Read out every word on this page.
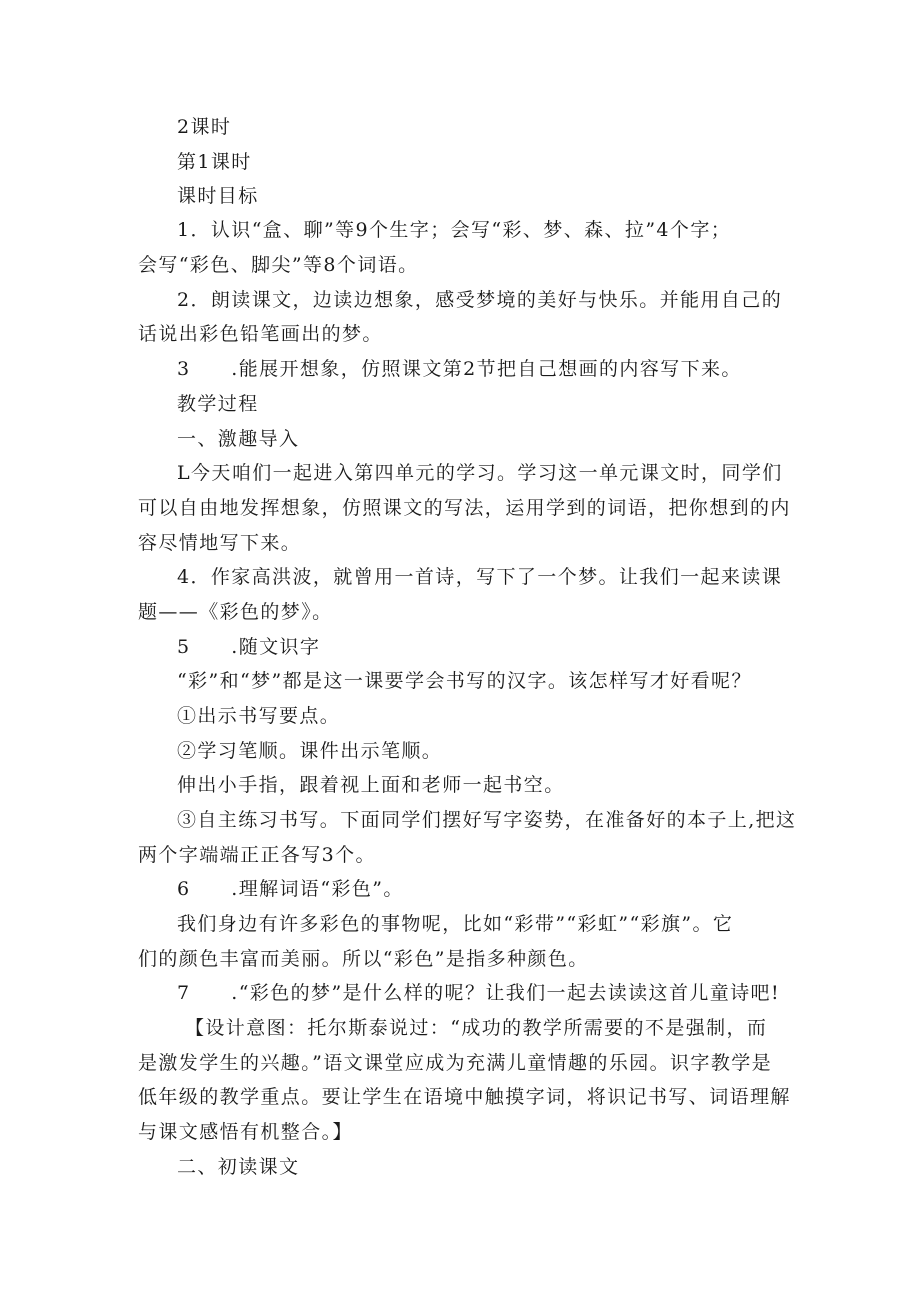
2课时
第1课时
课时目标
1．认识“盒、聊”等9个生字；会写“彩、梦、森、拉”4个字；
会写“彩色、脚尖”等8个词语。
2．朗读课文，边读边想象，感受梦境的美好与快乐。并能用自己的
话说出彩色铅笔画出的梦。
3　　.能展开想象，仿照课文第2节把自己想画的内容写下来。
教学过程
一、激趣导入
L今天咱们一起进入第四单元的学习。学习这一单元课文时，同学们
可以自由地发挥想象，仿照课文的写法，运用学到的词语，把你想到的内
容尽情地写下来。
4．作家高洪波，就曾用一首诗，写下了一个梦。让我们一起来读课
题——《彩色的梦》。
5　　.随文识字
“彩”和“梦”都是这一课要学会书写的汉字。该怎样写才好看呢？
①出示书写要点。
②学习笔顺。课件出示笔顺。
伸出小手指，跟着视上面和老师一起书空。
③自主练习书写。下面同学们摆好写字姿势，在准备好的本子上,把这
两个字端端正正各写3个。
6　　.理解词语“彩色”。
我们身边有许多彩色的事物呢，比如“彩带”“彩虹”“彩旗”。它
们的颜色丰富而美丽。所以“彩色”是指多种颜色。
7　　.“彩色的梦”是什么样的呢？让我们一起去读读这首儿童诗吧!
【设计意图：托尔斯泰说过：“成功的教学所需要的不是强制，而
是激发学生的兴趣。”语文课堂应成为充满儿童情趣的乐园。识字教学是
低年级的教学重点。要让学生在语境中触摸字词，将识记书写、词语理解
与课文感悟有机整合。】
二、初读课文
